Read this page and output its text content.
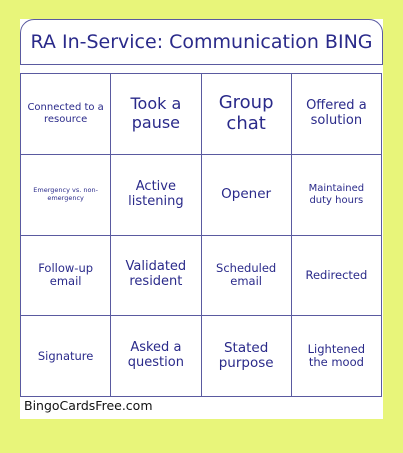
RA In-Service: Communication BING
Connected to a resource
Took a pause
Group chat
Offered a solution
Emergency vs. non-emergency
Active listening	Opener	Maintained duty hours
Follow-up email
Validated resident
Scheduled email	Redirected
Signature
Asked a question
Stated purpose
Lightened the mood
BingoCardsFree.com
